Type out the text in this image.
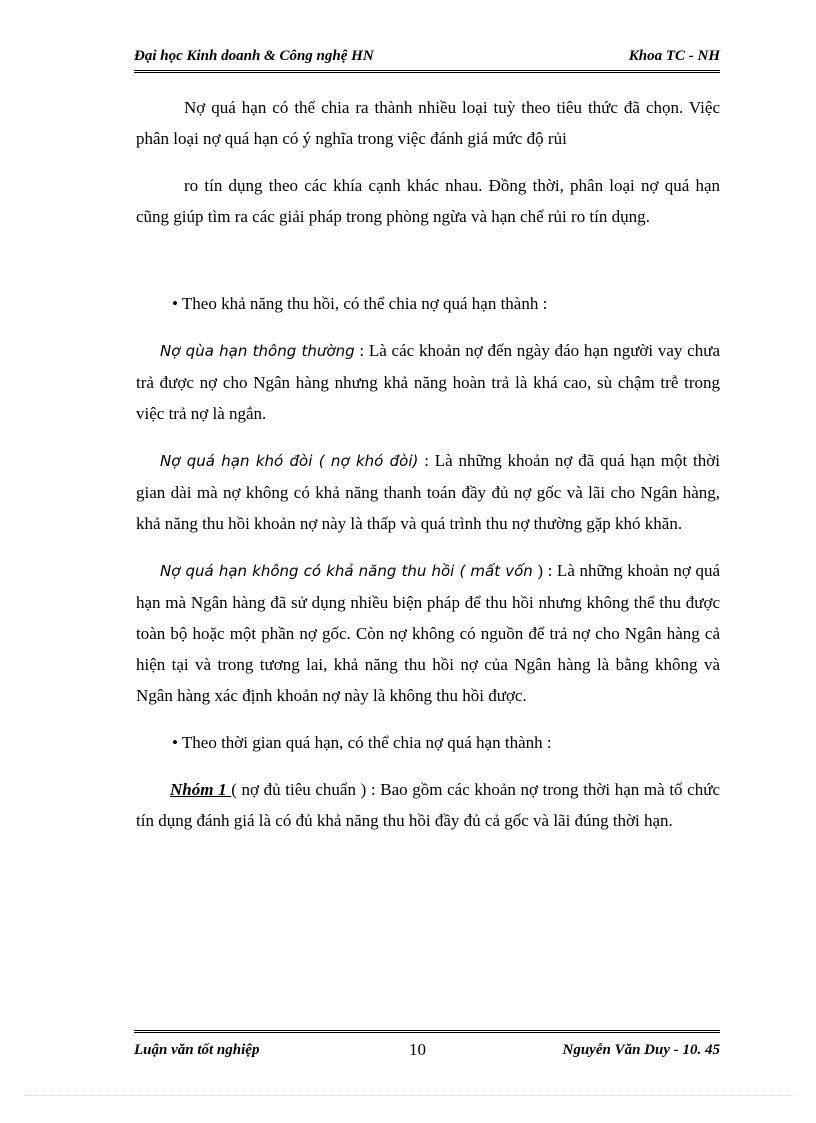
Đại học Kinh doanh & Công nghệ HN	Khoa TC - NH

Nợ quá hạn có thể chia ra thành nhiều loại tuỳ theo tiêu thức đã chọn. Việc phân loại nợ quá hạn có ý nghĩa trong việc đánh giá mức độ rủi

ro tín dụng theo các khía cạnh khác nhau. Đồng thời, phân loại nợ quá hạn cũng giúp tìm ra các giải pháp trong phòng ngừa và hạn chế rủi ro tín dụng.

• Theo khả năng thu hồi, có thể chia nợ quá hạn thành :

Nợ qùa hạn thông thường : Là các khoản nợ đến ngày đáo hạn người vay chưa trả được nợ cho Ngân hàng nhưng khả năng hoàn trả là khá cao, sù chậm trễ trong việc trả nợ là ngắn.

Nợ quá hạn khó đòi ( nợ khó đòi) : Là những khoản nợ đã quá hạn một thời gian dài mà nợ không có khả năng thanh toán đầy đủ nợ gốc và lãi cho Ngân hàng, khả năng thu hồi khoản nợ này là thấp và quá trình thu nợ thường gặp khó khăn.

Nợ quá hạn không có khả năng thu hồi ( mất vốn ) : Là những khoản nợ quá hạn mà Ngân hàng đã sử dụng nhiều biện pháp để thu hồi nhưng không thể thu được toàn bộ hoặc một phần nợ gốc. Còn nợ không có nguồn để trả nợ cho Ngân hàng cả hiện tại và trong tương lai, khả năng thu hồi nợ của Ngân hàng là bằng không và Ngân hàng xác định khoản nợ này là không thu hồi được.

• Theo thời gian quá hạn, có thể chia nợ quá hạn thành :

Nhóm 1 ( nợ đủ tiêu chuẩn ) : Bao gồm các khoản nợ trong thời hạn mà tổ chức tín dụng đánh giá là có đủ khả năng thu hồi đầy đủ cả gốc và lãi đúng thời hạn.

Luận văn tốt nghiệp	10	Nguyễn Văn Duy - 10. 45
